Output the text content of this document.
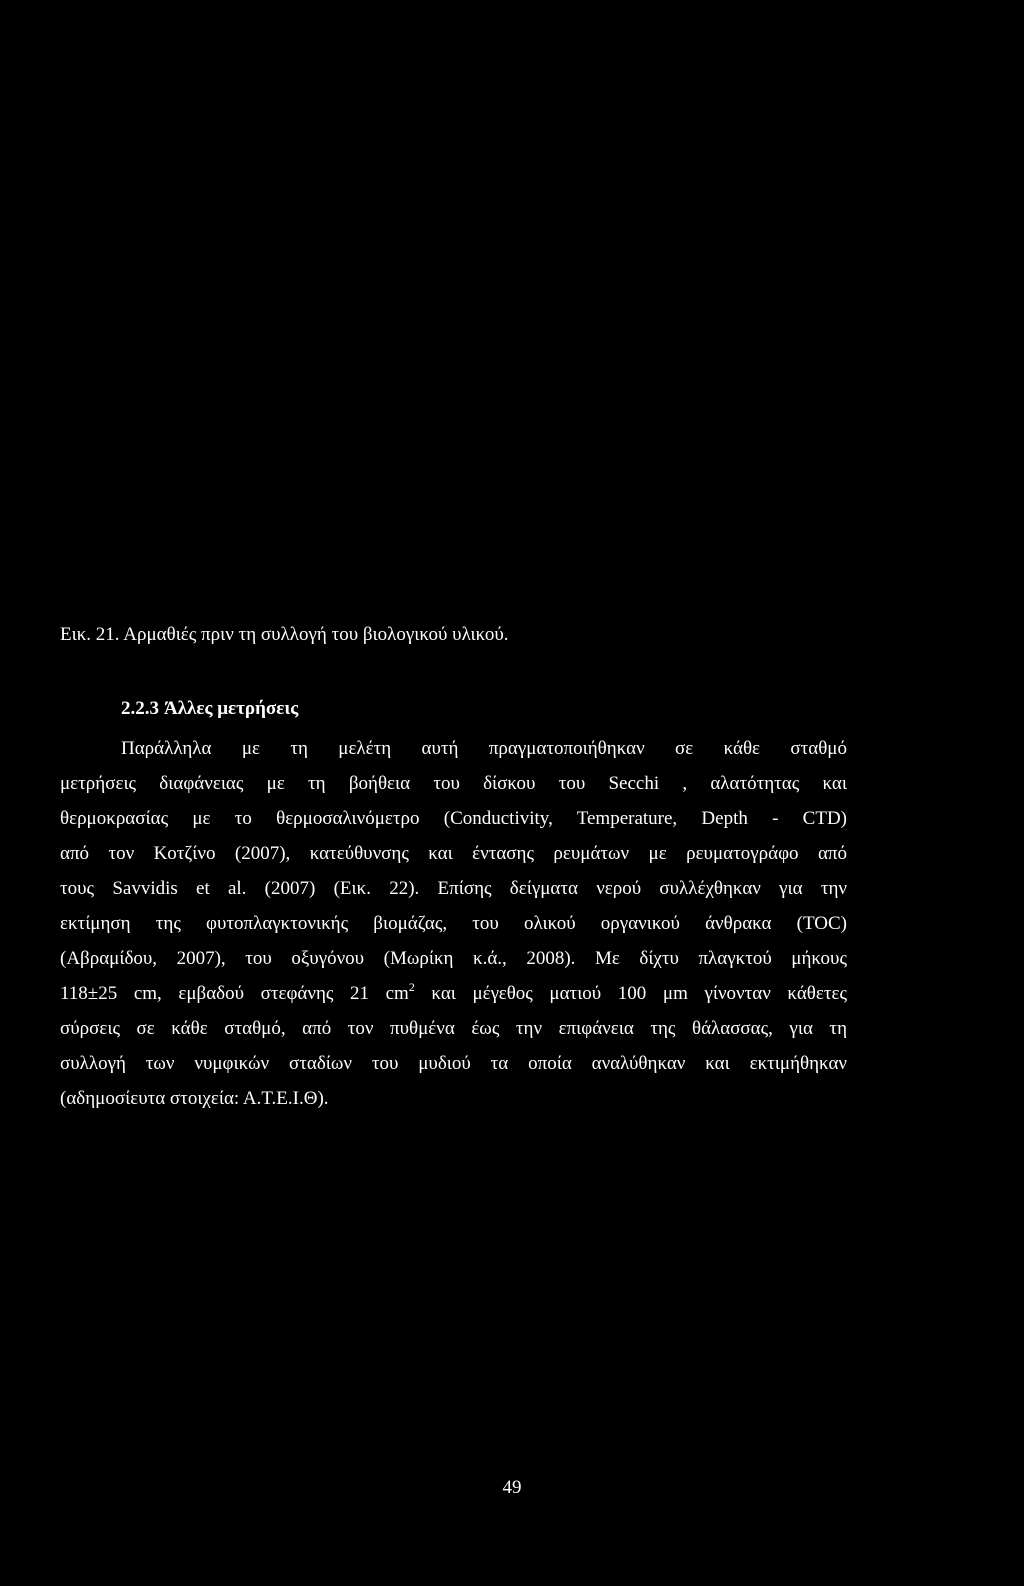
Εικ. 21. Αρμαθιές πριν τη συλλογή του βιολογικού υλικού.
2.2.3 Άλλες μετρήσεις
Παράλληλα με τη μελέτη αυτή πραγματοποιήθηκαν σε κάθε σταθμό
μετρήσεις διαφάνειας με τη βοήθεια του δίσκου του Secchi , αλατότητας και
θερμοκρασίας με το θερμοσαλινόμετρο (Conductivity, Temperature, Depth - CTD)
από τον Κοτζίνο (2007), κατεύθυνσης και έντασης ρευμάτων με ρευματογράφο από
τους Savvidis et al. (2007) (Εικ. 22). Επίσης δείγματα νερού συλλέχθηκαν για την
εκτίμηση της φυτοπλαγκτονικής βιομάζας, του ολικού οργανικού άνθρακα (TOC)
(Αβραμίδου, 2007), του οξυγόνου (Μωρίκη κ.ά., 2008). Με δίχτυ πλαγκτού μήκους
118±25 cm, εμβαδού στεφάνης 21 $cm^2$ και μέγεθος ματιού 100 μm γίνονταν κάθετες
σύρσεις σε κάθε σταθμό, από τον πυθμένα έως την επιφάνεια της θάλασσας, για τη
συλλογή των νυμφικών σταδίων του μυδιού τα οποία αναλύθηκαν και εκτιμήθηκαν
(αδημοσίευτα στοιχεία: Α.Τ.Ε.Ι.Θ).
49
